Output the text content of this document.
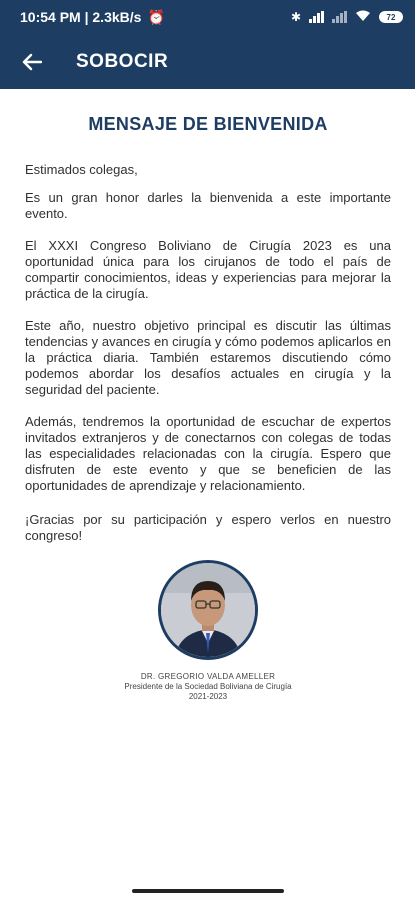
10:54 PM | 2.3kB/s ⏰	✱	72
SOBOCIR
MENSAJE DE BIENVENIDA

Estimados colegas,

Es un gran honor darles la bienvenida a este importante evento.

El XXXI Congreso Boliviano de Cirugía 2023 es una oportunidad única para los cirujanos de todo el país de compartir conocimientos, ideas y experiencias para mejorar la práctica de la cirugía.

Este año, nuestro objetivo principal es discutir las últimas tendencias y avances en cirugía y cómo podemos aplicarlos en la práctica diaria. También estaremos discutiendo cómo podemos abordar los desafíos actuales en cirugía y la seguridad del paciente.

Además, tendremos la oportunidad de escuchar de expertos invitados extranjeros y de conectarnos con colegas de todas las especialidades relacionadas con la cirugía. Espero que disfruten de este evento y que se beneficien de las oportunidades de aprendizaje y relacionamiento.

¡Gracias por su participación y espero verlos en nuestro congreso!

DR. GREGORIO VALDA AMELLER
Presidente de la Sociedad Boliviana de Cirugía
2021-2023
